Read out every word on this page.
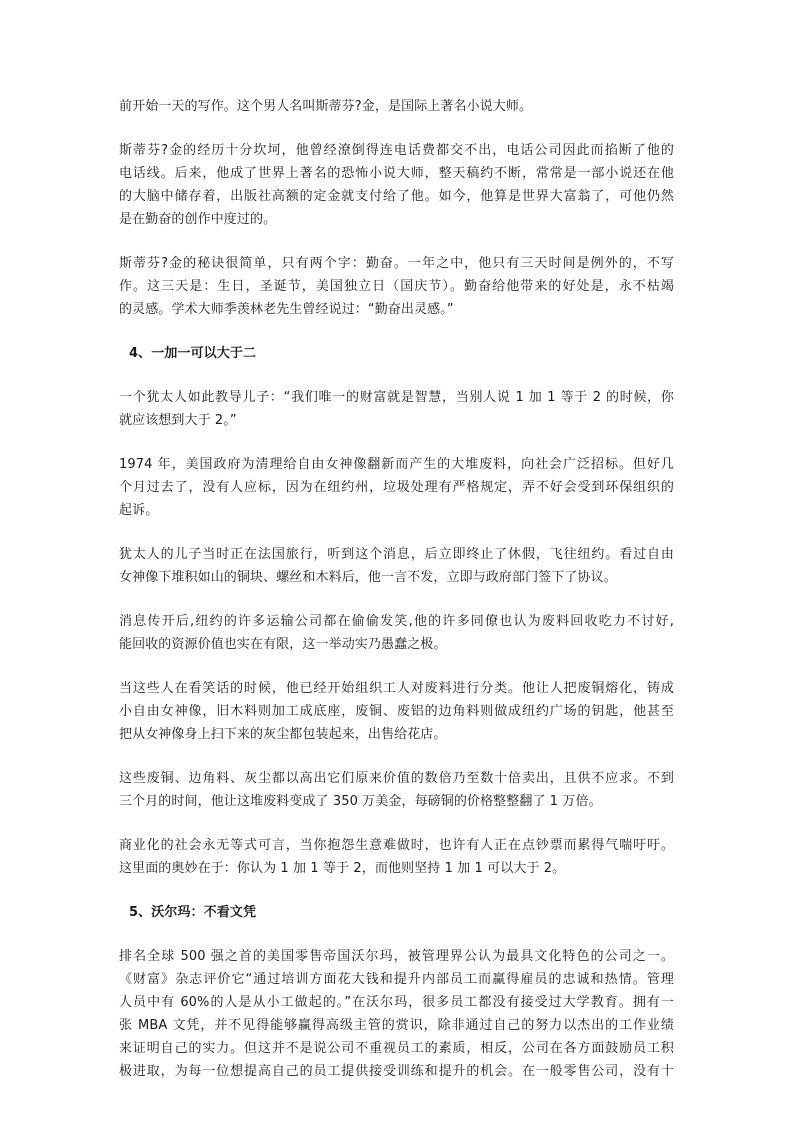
前开始一天的写作。这个男人名叫斯蒂芬?金，是国际上著名小说大师。
斯蒂芬?金的经历十分坎坷，他曾经潦倒得连电话费都交不出，电话公司因此而掐断了他的
电话线。后来，他成了世界上著名的恐怖小说大师，整天稿约不断，常常是一部小说还在他
的大脑中储存着，出版社高额的定金就支付给了他。如今，他算是世界大富翁了，可他仍然
是在勤奋的创作中度过的。
斯蒂芬?金的秘诀很简单，只有两个字：勤奋。一年之中，他只有三天时间是例外的，不写
作。这三天是：生日，圣诞节，美国独立日（国庆节）。勤奋给他带来的好处是，永不枯竭
的灵感。学术大师季羡林老先生曾经说过：“勤奋出灵感。”
4、一加一可以大于二
一个犹太人如此教导儿子：“我们唯一的财富就是智慧，当别人说 1 加 1 等于 2 的时候，你
就应该想到大于 2。”
1974 年，美国政府为清理给自由女神像翻新而产生的大堆废料，向社会广泛招标。但好几
个月过去了，没有人应标，因为在纽约州，垃圾处理有严格规定，弄不好会受到环保组织的
起诉。
犹太人的儿子当时正在法国旅行，听到这个消息，后立即终止了休假，飞往纽约。看过自由
女神像下堆积如山的铜块、螺丝和木料后，他一言不发，立即与政府部门签下了协议。
消息传开后,纽约的许多运输公司都在偷偷发笑,他的许多同僚也认为废料回收吃力不讨好,
能回收的资源价值也实在有限，这一举动实乃愚蠢之极。
当这些人在看笑话的时候，他已经开始组织工人对废料进行分类。他让人把废铜熔化，铸成
小自由女神像，旧木料则加工成底座，废铜、废铝的边角料则做成纽约广场的钥匙，他甚至
把从女神像身上扫下来的灰尘都包装起来，出售给花店。
这些废铜、边角料、灰尘都以高出它们原来价值的数倍乃至数十倍卖出，且供不应求。不到
三个月的时间，他让这堆废料变成了 350 万美金，每磅铜的价格整整翻了 1 万倍。
商业化的社会永无等式可言，当你抱怨生意难做时，也许有人正在点钞票而累得气喘吁吁。
这里面的奥妙在于：你认为 1 加 1 等于 2，而他则坚持 1 加 1 可以大于 2。
5、沃尔玛：不看文凭
排名全球 500 强之首的美国零售帝国沃尔玛，被管理界公认为最具文化特色的公司之一。
《财富》杂志评价它“通过培训方面花大钱和提升内部员工而赢得雇员的忠诚和热情。管理
人员中有 60%的人是从小工做起的。”在沃尔玛，很多员工都没有接受过大学教育。拥有一
张 MBA 文凭，并不见得能够赢得高级主管的赏识，除非通过自己的努力以杰出的工作业绩
来证明自己的实力。但这并不是说公司不重视员工的素质，相反，公司在各方面鼓励员工积
极进取，为每一位想提高自己的员工提供接受训练和提升的机会。在一般零售公司，没有十
